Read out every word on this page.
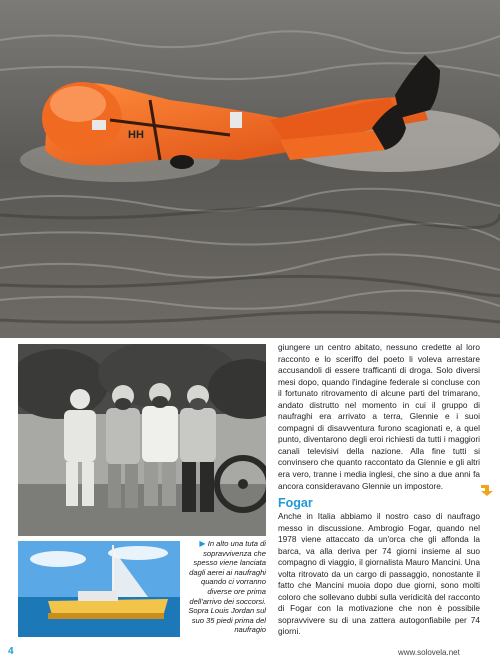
HH
▶ In alto una tuta di sopravvivenza che spesso viene lanciata dagli aerei ai naufraghi quando ci vorranno diverse ore prima dell'arrivo dei soccorsi. Sopra Louis Jordan sul suo 35 piedi prima del naufragio

giungere un centro abitato, nessuno credette al loro racconto e lo sceriffo del poeto li voleva arrestare accusandoli di essere trafficanti di droga. Solo diversi mesi dopo, quando l'indagine federale si concluse con il fortunato ritrovamento di alcune parti del trimarano, andato distrutto nel momento in cui il gruppo di naufraghi era arrivato a terra, Glennie e i suoi compagni di disavventura furono scagionati e, a quel punto, diventarono degli eroi richiesti da tutti i maggiori canali televisivi della nazione. Alla fine tutti si convinsero che quanto raccontato da Glennie e gli altri era vero, tranne i media inglesi, che sino a due anni fa ancora consideravano Glennie un impostore.

Fogar

Anche in Italia abbiamo il nostro caso di naufrago messo in discussione. Ambrogio Fogar, quando nel 1978 viene attaccato da un'orca che gli affonda la barca, va alla deriva per 74 giorni insieme al suo compagno di viaggio, il giornalista Mauro Mancini. Una volta ritrovato da un cargo di passaggio, nonostante il fatto che Mancini muoia dopo due giorni, sono molti coloro che sollevano dubbi sulla veridicità del racconto di Fogar con la motivazione che non è possibile sopravvivere su di una zattera autogonfiabile per 74 giorni.

4	www.solovela.net
